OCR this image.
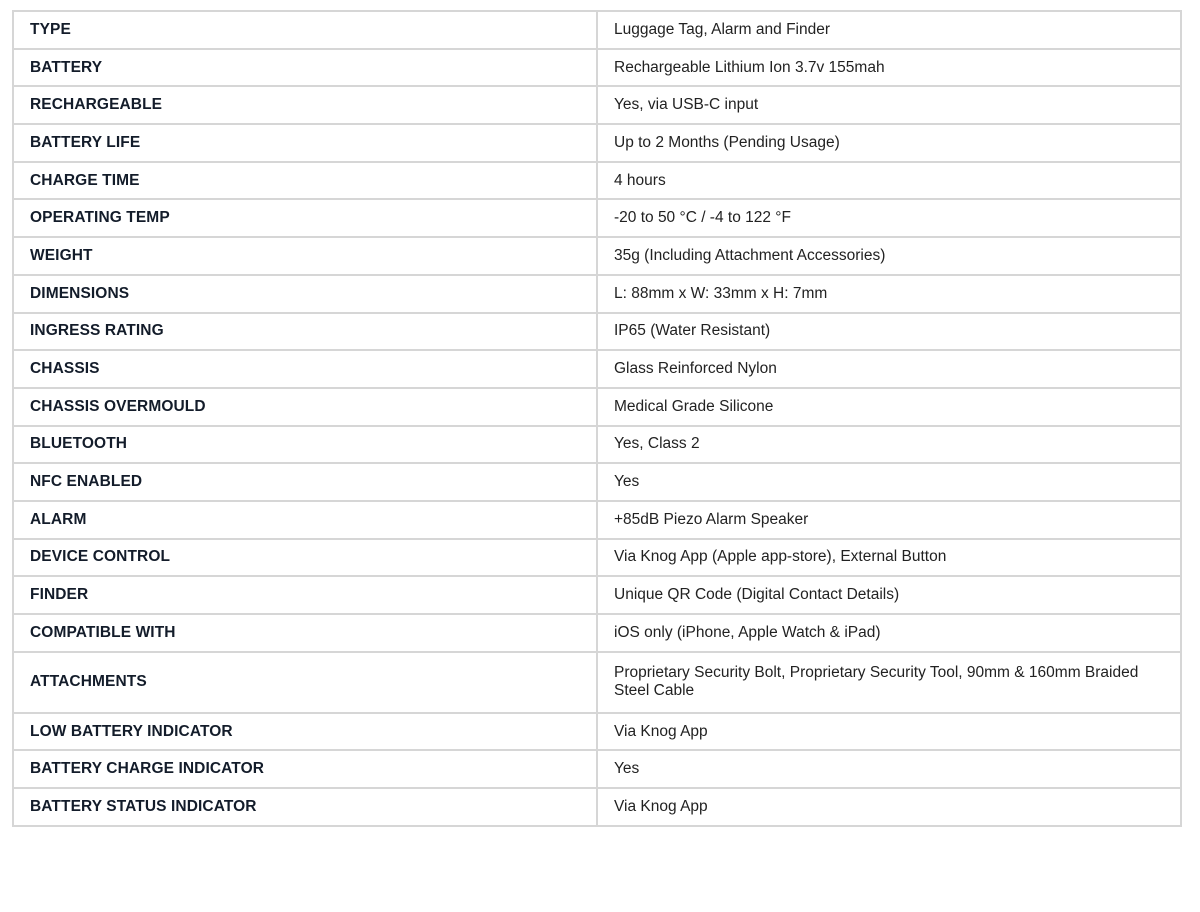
TYPE	Luggage Tag, Alarm and Finder
BATTERY	Rechargeable Lithium Ion 3.7v 155mah
RECHARGEABLE	Yes, via USB-C input
BATTERY LIFE	Up to 2 Months (Pending Usage)
CHARGE TIME	4 hours
OPERATING TEMP	-20 to 50 °C / -4 to 122 °F
WEIGHT	35g (Including Attachment Accessories)
DIMENSIONS	L: 88mm x W: 33mm x H: 7mm
INGRESS RATING	IP65 (Water Resistant)
CHASSIS	Glass Reinforced Nylon
CHASSIS OVERMOULD	Medical Grade Silicone
BLUETOOTH	Yes, Class 2
NFC ENABLED	Yes
ALARM	+85dB Piezo Alarm Speaker
DEVICE CONTROL	Via Knog App (Apple app-store), External Button
FINDER	Unique QR Code (Digital Contact Details)
COMPATIBLE WITH	iOS only (iPhone, Apple Watch & iPad)
ATTACHMENTS	Proprietary Security Bolt, Proprietary Security Tool, 90mm & 160mm Braided Steel Cable
LOW BATTERY INDICATOR	Via Knog App
BATTERY CHARGE INDICATOR	Yes
BATTERY STATUS INDICATOR	Via Knog App
